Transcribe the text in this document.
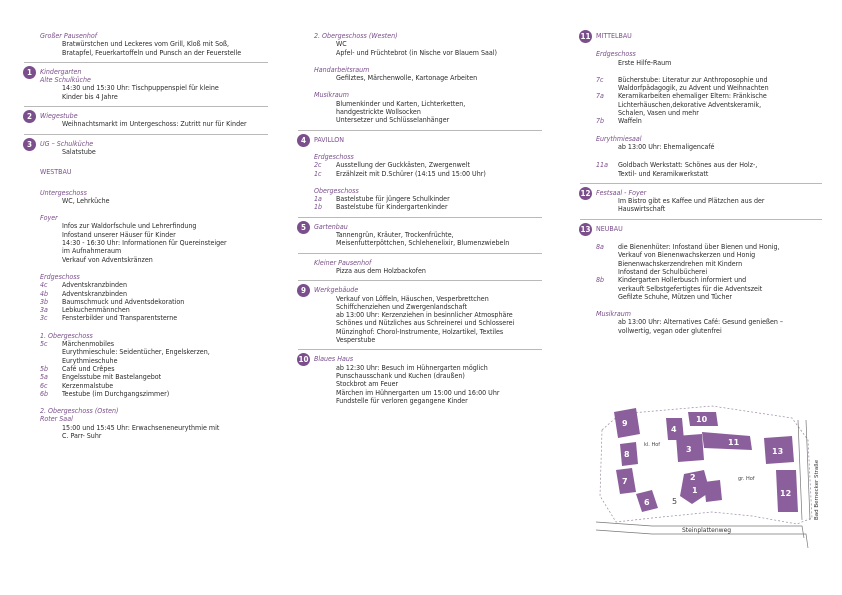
Großer Pausenhof
Bratwürstchen und Leckeres vom Grill, Kloß mit Soß,
Bratapfel, Feuerkartoffeln und Punsch an der Feuerstelle
1	Kindergarten
Alte Schulküche
14:30 und 15:30 Uhr: Tischpuppenspiel für kleine
Kinder bis 4 Jahre
2	Wiegestube
Weihnachtsmarkt im Untergeschoss: Zutritt nur für Kinder
3	UG – Schulküche
Salatstube
WESTBAU
Untergeschoss
WC, Lehrküche
Foyer
Infos zur Waldorfschule und Lehrerfindung
Infostand unserer Häuser für Kinder
14:30 - 16:30 Uhr: Informationen für Quereinsteiger
im Aufnahmeraum
Verkauf von Adventskränzen
Erdgeschoss
4c	Adventskranzbinden
4b	Adventskranzbinden
3b	Baumschmuck und Adventsdekoration
3a	Lebkuchenmännchen
3c	Fensterbilder und Transparentsterne
1. Obergeschoss
5c	Märchenmobiles
Eurythmieschule: Seidentücher, Engelskerzen,
Eurythmieschuhe
5b	Café und Crêpes
5a	Engelsstube mit Bastelangebot
6c	Kerzenmalstube
6b	Teestube (im Durchgangszimmer)
2. Obergeschoss (Osten)
Roter Saal
15:00 und 15:45 Uhr: Erwachseneneurythmie mit
C. Parr- Suhr
2. Obergeschoss (Westen)
WC
Apfel- und Früchtebrot (in Nische vor Blauem Saal)
Handarbeitsraum
Gefilztes, Märchenwolle, Kartonage Arbeiten
Musikraum
Blumenkinder und Karten, Lichterketten,
handgestrickte Wollsocken
Untersetzer und Schlüsselanhänger
4	PAVILLON
Erdgeschoss
2c	Ausstellung der Guckkästen, Zwergenwelt
1c	Erzählzeit mit D.Schürer (14:15 und 15:00 Uhr)
Obergeschoss
1a	Bastelstube für jüngere Schulkinder
1b	Bastelstube für Kindergartenkinder
5	Gartenbau
Tannengrün, Kräuter, Trockenfrüchte,
Meisenfutterpöttchen, Schlehenelixir, Blumenzwiebeln
Kleiner Pausenhof
Pizza aus dem Holzbackofen
9	Werkgebäude
Verkauf von Löffeln, Häuschen, Vesperbrettchen
Schiffchenziehen und Zwergenlandschaft
ab 13:00 Uhr: Kerzenziehen in besinnlicher Atmosphäre
Schönes und Nützliches aus Schreinerei und Schlosserei
Münzinghof: Chorol-Instrumente, Holzartikel, Textiles
Vesperstube
10 Blaues Haus
ab 12:30 Uhr: Besuch im Hühnergarten möglich
Punschausschank und Kuchen (draußen)
Stockbrot am Feuer
Märchen im Hühnergarten um 15:00 und 16:00 Uhr
Fundstelle für verloren gegangene Kinder
11 MITTELBAU
Erdgeschoss
Erste Hilfe-Raum
7c	Bücherstube: Literatur zur Anthroposophie und
Waldorfpädagogik, zu Advent und Weihnachten
7a	Keramikarbeiten ehemaliger Eltern: Fränkische
Lichterhäuschen,dekorative Adventskeramik,
Schalen, Vasen und mehr
7b	Waffeln
Eurythmiesaal
ab 13:00 Uhr: Ehemaligencafé
11a	Goldbach Werkstatt: Schönes aus der Holz-,
Textil- und Keramikwerkstatt
12 Festsaal - Foyer
Im Bistro gibt es Kaffee und Plätzchen aus der
Hauswirtschaft
13 NEUBAU
8a	die Bienenhüter: Infostand über Bienen und Honig,
Verkauf von Bienenwachskerzen und Honig
Bienenwachskerzendrehen mit Kindern
Infostand der Schulbücherei
8b	Kindergarten Hollerbusch informiert und
verkauft Selbstgefertigtes für die Adventszeit
Gefilzte Schuhe, Mützen und Tücher
Musikraum
ab 13:00 Uhr: Alternatives Café: Gesund genießen –
vollwertig, vegan oder glutenfrei
9
8
7
6
10
4
3
11
2
1
13
12
5
kl. Hof
gr. Hof
Steinplattenweg
Bad Bernecker Straße
